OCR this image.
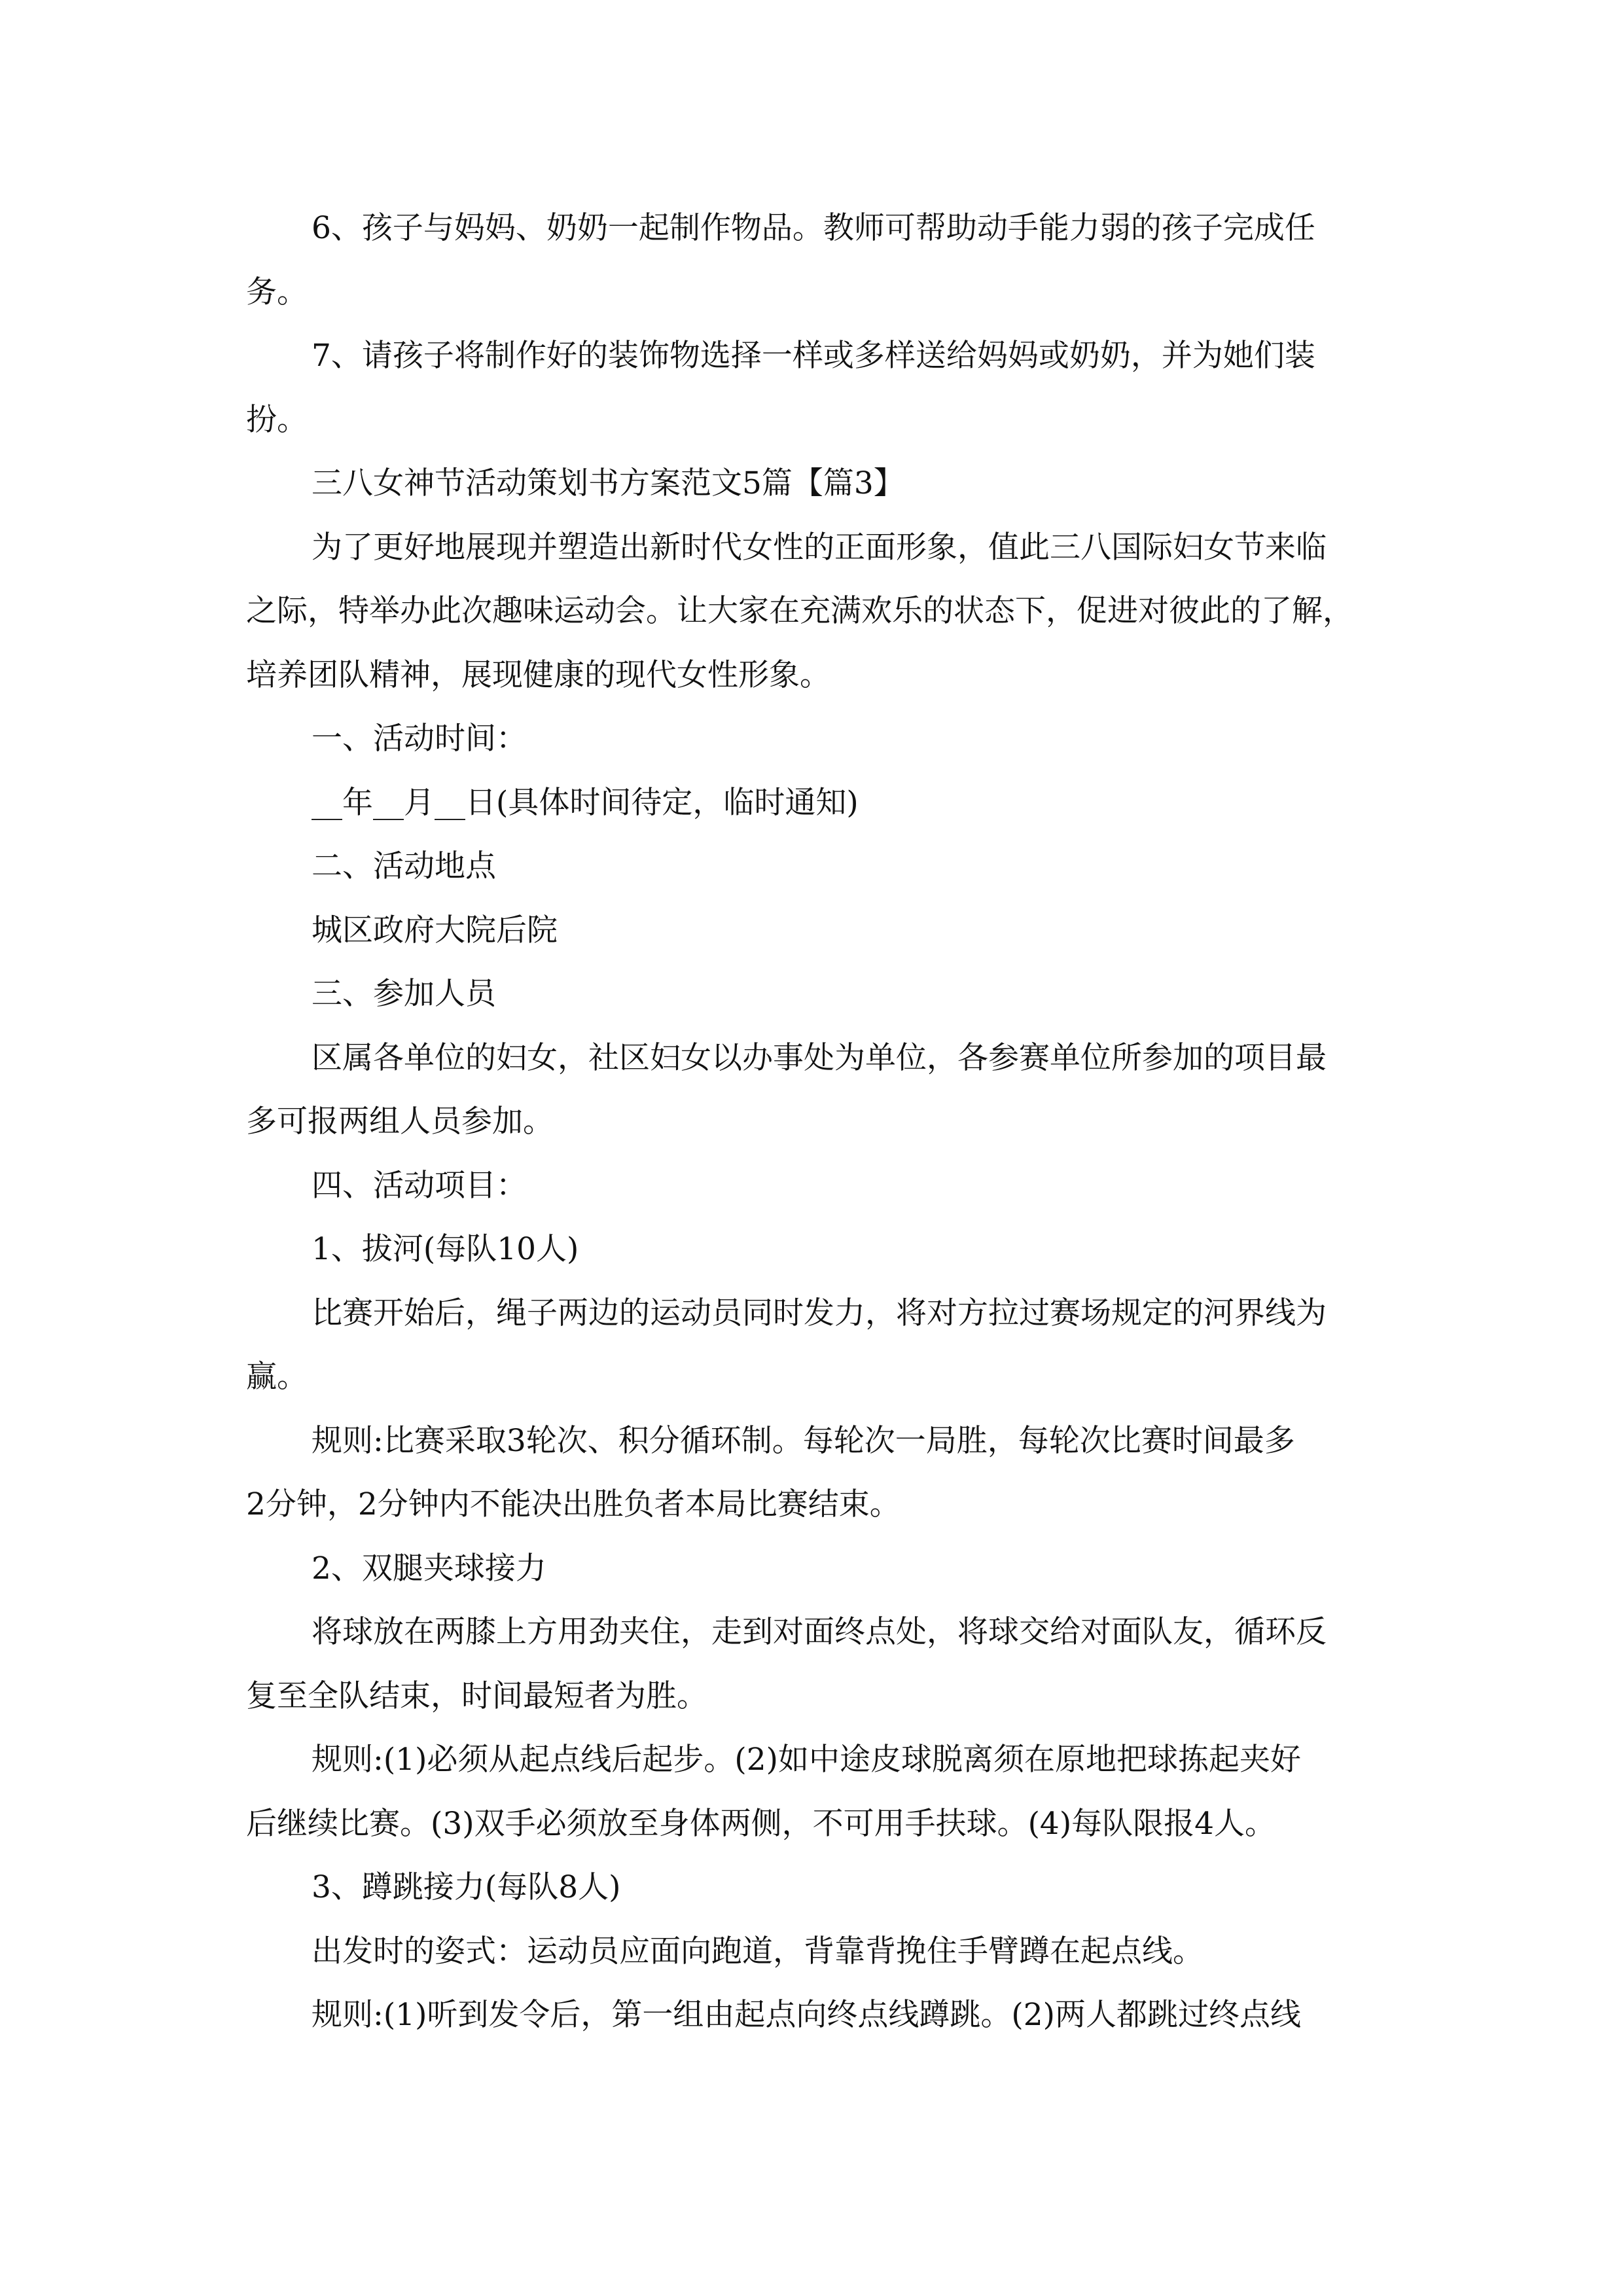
6、孩子与妈妈、奶奶一起制作物品。教师可帮助动手能力弱的孩子完成任
务。
7、请孩子将制作好的装饰物选择一样或多样送给妈妈或奶奶，并为她们装
扮。
三八女神节活动策划书方案范文5篇【篇3】
为了更好地展现并塑造出新时代女性的正面形象，值此三八国际妇女节来临
之际，特举办此次趣味运动会。让大家在充满欢乐的状态下，促进对彼此的了解，
培养团队精神，展现健康的现代女性形象。
一、活动时间：
__年__月__日(具体时间待定，临时通知)
二、活动地点
城区政府大院后院
三、参加人员
区属各单位的妇女，社区妇女以办事处为单位，各参赛单位所参加的项目最
多可报两组人员参加。
四、活动项目：
1、拔河(每队10人)
比赛开始后，绳子两边的运动员同时发力，将对方拉过赛场规定的河界线为
赢。
规则:比赛采取3轮次、积分循环制。每轮次一局胜，每轮次比赛时间最多
2分钟，2分钟内不能决出胜负者本局比赛结束。
2、双腿夹球接力
将球放在两膝上方用劲夹住，走到对面终点处，将球交给对面队友，循环反
复至全队结束，时间最短者为胜。
规则:(1)必须从起点线后起步。(2)如中途皮球脱离须在原地把球拣起夹好
后继续比赛。(3)双手必须放至身体两侧，不可用手扶球。(4)每队限报4人。
3、蹲跳接力(每队8人)
出发时的姿式：运动员应面向跑道，背靠背挽住手臂蹲在起点线。
规则:(1)听到发令后，第一组由起点向终点线蹲跳。(2)两人都跳过终点线
